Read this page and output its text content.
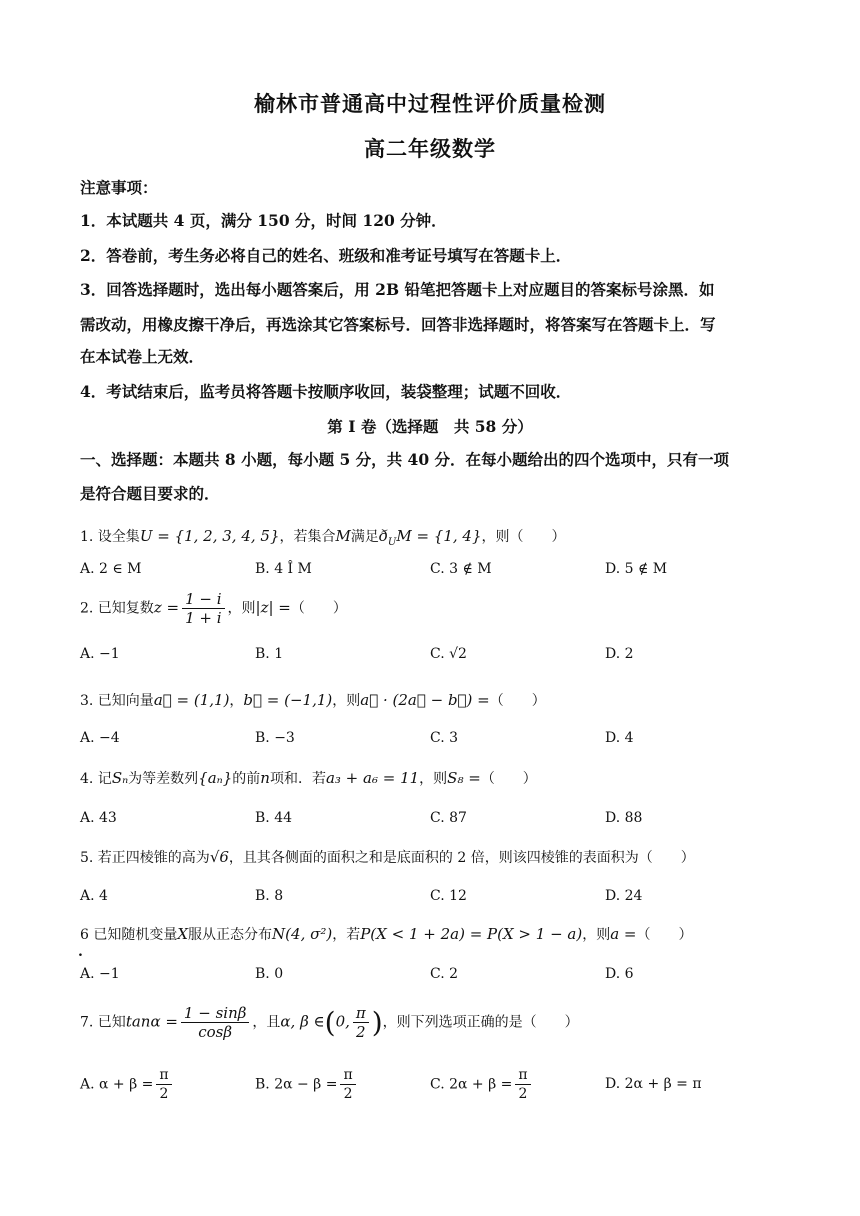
榆林市普通高中过程性评价质量检测
高二年级数学
注意事项：
1．本试题共 4 页，满分 150 分，时间 120 分钟．
2．答卷前，考生务必将自己的姓名、班级和准考证号填写在答题卡上．
3．回答选择题时，选出每小题答案后，用 2B 铅笔把答题卡上对应题目的答案标号涂黑．如
需改动，用橡皮擦干净后，再选涂其它答案标号．回答非选择题时，将答案写在答题卡上．写
在本试卷上无效．
4．考试结束后，监考员将答题卡按顺序收回，装袋整理；试题不回收．
第 I 卷（选择题　共 58 分）
一、选择题：本题共 8 小题，每小题 5 分，共 40 分．在每小题给出的四个选项中，只有一项
是符合题目要求的．
1. 设全集U = {1, 2, 3, 4, 5}，若集合M满足$ð_UM = \{1$, 4}，则（　　）
A. 2 ∈ M	B. 4 Î M	C. 3 ∉ M	D. 5 ∉ M
2. 已知复数$z = \frac{1 - i}{1 + i}$ ，则|z| =（　　）
A. −1	B. 1	C. √2	D. 2
3. 已知向量a⃗ = (1,1)，b⃗ = (−1,1)，则a⃗ · (2a⃗ − b⃗) =（　　）
A. −4	B. −3	C. 3	D. 4
4. 记Sₙ为等差数列{aₙ}的前n项和．若a₃ + a₆ = 11，则S₈ =（　　）
A. 43	B. 44	C. 87	D. 88
5. 若正四棱锥的高为√6，且其各侧面的面积之和是底面积的 2 倍，则该四棱锥的表面积为（　　）
A. 4	B. 8	C. 12	D. 24
6 已知随机变量X服从正态分布N(4, σ²)，若P(X < 1 + 2a) = P(X > 1 − a)，则a =（　　）
.
A. −1	B. 0	C. 2	D. 6
7. 已知$\tan\alpha = \frac{1 - \sin\beta}{\cos\beta}$ ，且α, β ∈(0, $\frac{\pi}{2}$ )，则下列选项正确的是（　　）
A. $\alpha + \beta = \frac{\pi}{2}$	B. $2\alpha - \beta = \frac{\pi}{2}$	C. $2\alpha + \beta = \frac{\pi}{2}$	D. 2α + β = π
